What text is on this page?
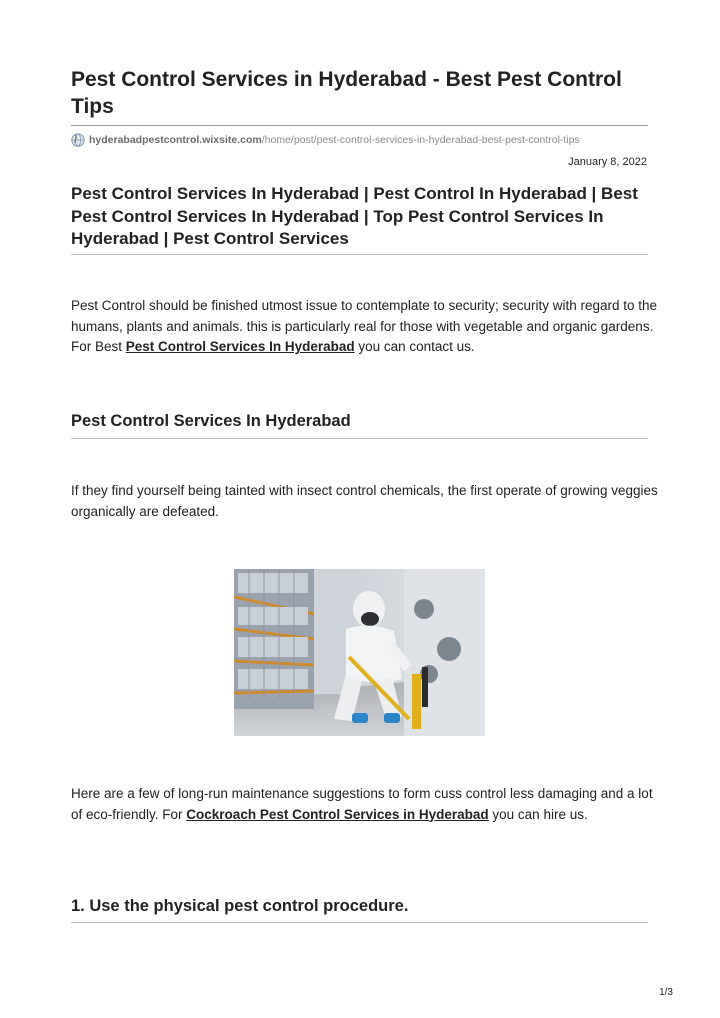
Pest Control Services in Hyderabad - Best Pest Control Tips
hyderabadpestcontrol.wixsite.com /home/post/pest-control-services-in-hyderabad-best-pest-control-tips
January 8, 2022
Pest Control Services In Hyderabad | Pest Control In Hyderabad | Best Pest Control Services In Hyderabad | Top Pest Control Services In Hyderabad | Pest Control Services

Pest Control should be finished utmost issue to contemplate to security; security with regard to the humans, plants and animals. this is particularly real for those with vegetable and organic gardens. For Best Pest Control Services In Hyderabad you can contact us.

Pest Control Services In Hyderabad

If they find yourself being tainted with insect control chemicals, the first operate of growing veggies organically are defeated.

Here are a few of long-run maintenance suggestions to form cuss control less damaging and a lot of eco-friendly. For Cockroach Pest Control Services in Hyderabad you can hire us.

1. Use the physical pest control procedure.
1/3
